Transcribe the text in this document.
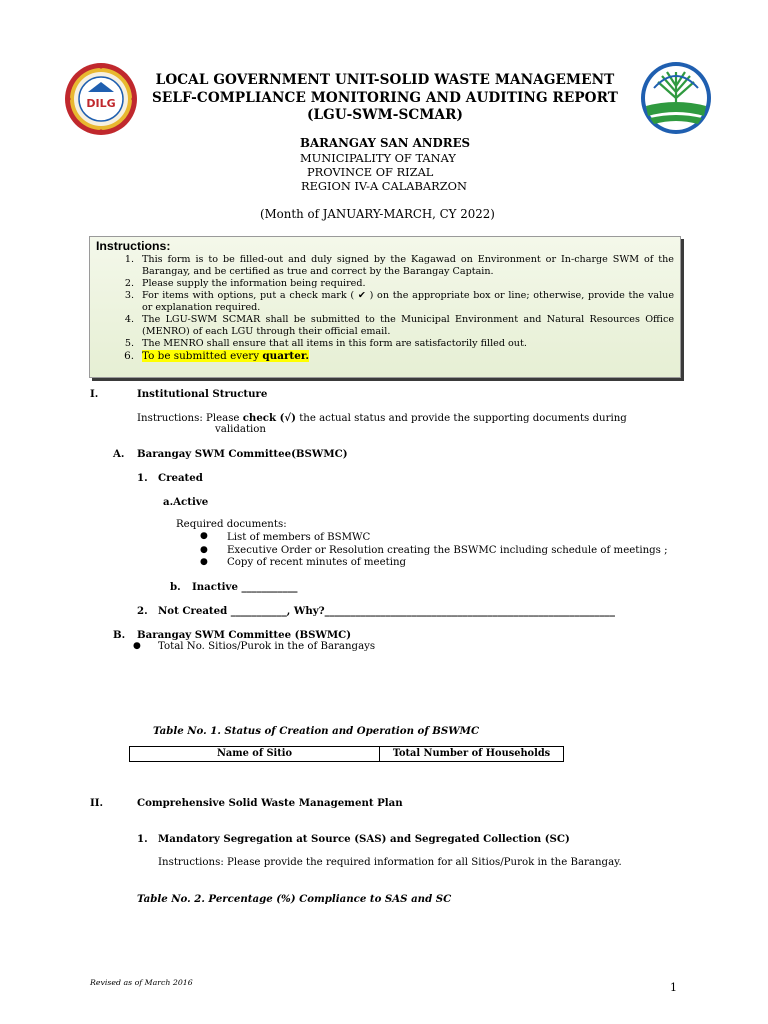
DILG
LOCAL GOVERNMENT UNIT-SOLID WASTE MANAGEMENT
SELF-COMPLIANCE MONITORING AND AUDITING REPORT
(LGU-SWM-SCMAR)
BARANGAY SAN ANDRES
MUNICIPALITY OF TANAY
PROVINCE OF RIZAL
REGION IV-A CALABARZON
(Month of JANUARY-MARCH, CY 2022)
Instructions:
1. This form is to be filled-out and duly signed by the Kagawad on Environment or In-charge SWM of the Barangay, and be certified as true and correct by the Barangay Captain.
2. Please supply the information being required.
3. For items with options, put a check mark ( ✔ ) on the appropriate box or line; otherwise, provide the value or explanation required.
4. The LGU-SWM SCMAR shall be submitted to the Municipal Environment and Natural Resources Office (MENRO) of each LGU through their official email.
5. The MENRO shall ensure that all items in this form are satisfactorily filled out.
6. To be submitted every quarter.
I.	Institutional Structure
Instructions: Please check (√) the actual status and provide the supporting documents during
validation
A. Barangay SWM Committee(BSWMC)
1. Created
a.Active
Required documents:
● List of members of BSMWC
● Executive Order or Resolution creating the BSWMC including schedule of meetings ;
● Copy of recent minutes of meeting
b. Inactive ___________
2. Not Created ___________, Why?_________________________________________________________
B. Barangay SWM Committee (BSWMC)
● Total No. Sitios/Purok in the of Barangays
Table No. 1. Status of Creation and Operation of BSWMC
Name of Sitio	Total Number of Households
II.	Comprehensive Solid Waste Management Plan
1. Mandatory Segregation at Source (SAS) and Segregated Collection (SC)
Instructions: Please provide the required information for all Sitios/Purok in the Barangay.
Table No. 2. Percentage (%) Compliance to SAS and SC
Revised as of March 2016	1
